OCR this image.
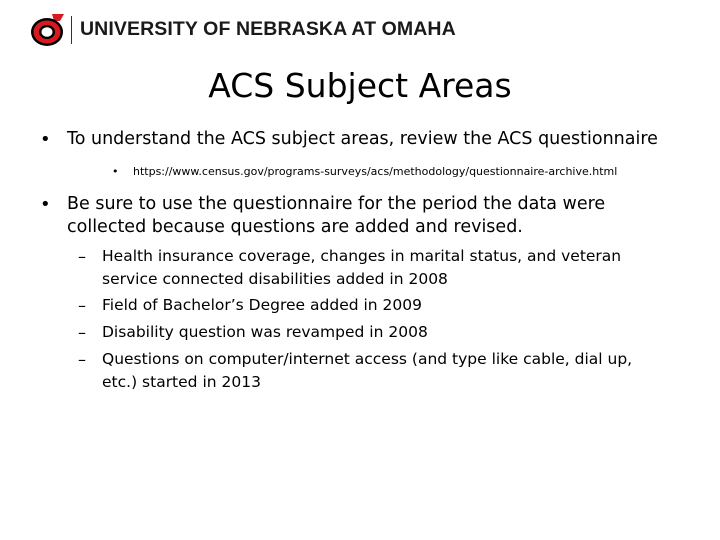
UNIVERSITY OF NEBRASKA AT OMAHA
ACS Subject Areas
• To understand the ACS subject areas, review the ACS questionnaire
•	https://www.census.gov/programs-surveys/acs/methodology/questionnaire-archive.html
• Be sure to use the questionnaire for the period the data were collected because questions are added and revised.
–	Health insurance coverage, changes in marital status, and veteran service connected disabilities added in 2008
–	Field of Bachelor’s Degree added in 2009
–	Disability question was revamped in 2008
–	Questions on computer/internet access (and type like cable, dial up, etc.) started in 2013
